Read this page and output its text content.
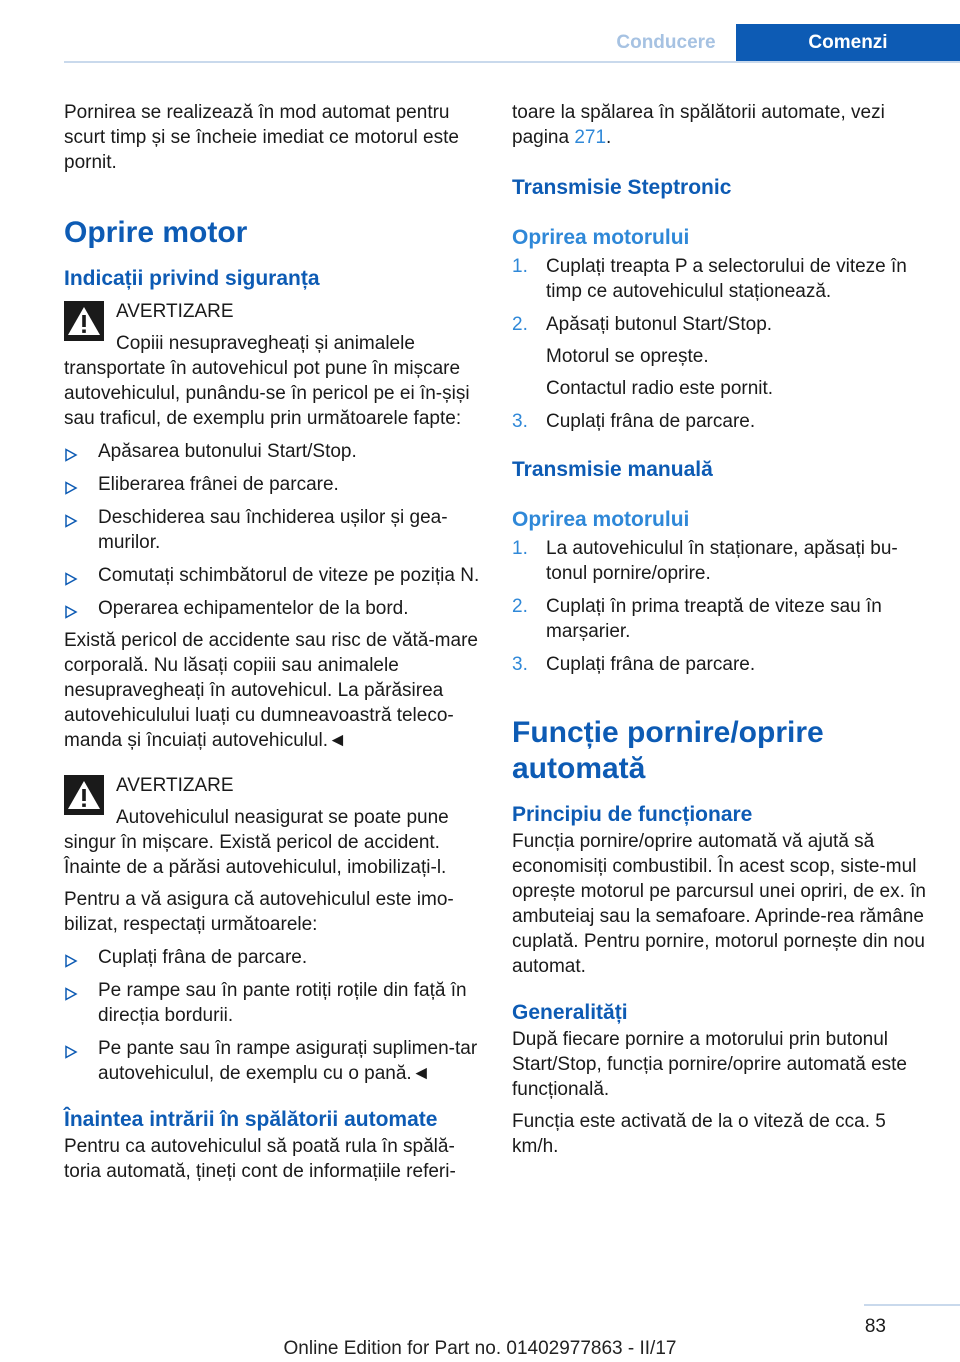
Conducere	Comenzi

Pornirea se realizează în mod automat pentru scurt timp și se încheie imediat ce motorul este pornit.

Oprire motor

Indicații privind siguranța

AVERTIZARE
Copiii nesupravegheați și animalele

transportate în autovehicul pot pune în mișcare autovehiculul, punându-se în pericol pe ei în-șiși sau traficul, de exemplu prin următoarele fapte:

Apăsarea butonului Start/Stop.
Eliberarea frânei de parcare.
Deschiderea sau închiderea ușilor și gea-murilor.
Comutați schimbătorul de viteze pe poziția N.
Operarea echipamentelor de la bord.

Există pericol de accidente sau risc de vătă-mare corporală. Nu lăsați copiii sau animalele nesupravegheați în autovehicul. La părăsirea autovehiculului luați cu dumneavoastră teleco-manda și încuiați autovehiculul.◄

AVERTIZARE
Autovehiculul neasigurat se poate pune

singur în mișcare. Există pericol de accident. Înainte de a părăsi autovehiculul, imobilizați-l.

Pentru a vă asigura că autovehiculul este imo-bilizat, respectați următoarele:

Cuplați frâna de parcare.
Pe rampe sau în pante rotiți roțile din față în direcția bordurii.
Pe pante sau în rampe asigurați suplimen-tar autovehiculul, de exemplu cu o pană.◄

Înaintea intrării în spălătorii automate

Pentru ca autovehiculul să poată rula în spălă-toria automată, țineți cont de informațiile referi-

toare la spălarea în spălătorii automate, vezi pagina 271.

Transmisie Steptronic

Oprirea motorului

1. Cuplați treapta P a selectorului de viteze în timp ce autovehiculul staționează.
2. Apăsați butonul Start/Stop.
Motorul se oprește.
Contactul radio este pornit.
3. Cuplați frâna de parcare.

Transmisie manuală

Oprirea motorului

1. La autovehiculul în staționare, apăsați bu-tonul pornire/oprire.
2. Cuplați în prima treaptă de viteze sau în marșarier.
3. Cuplați frâna de parcare.

Funcție pornire/oprire automată

Principiu de funcționare

Funcția pornire/oprire automată vă ajută să economisiți combustibil. În acest scop, siste-mul oprește motorul pe parcursul unei opriri, de ex. în ambuteiaj sau la semafoare. Aprinde-rea rămâne cuplată. Pentru pornire, motorul pornește din nou automat.

Generalități

După fiecare pornire a motorului prin butonul Start/Stop, funcția pornire/oprire automată este funcțională.

Funcția este activată de la o viteză de cca. 5 km/h.

83
Online Edition for Part no. 01402977863 - II/17
